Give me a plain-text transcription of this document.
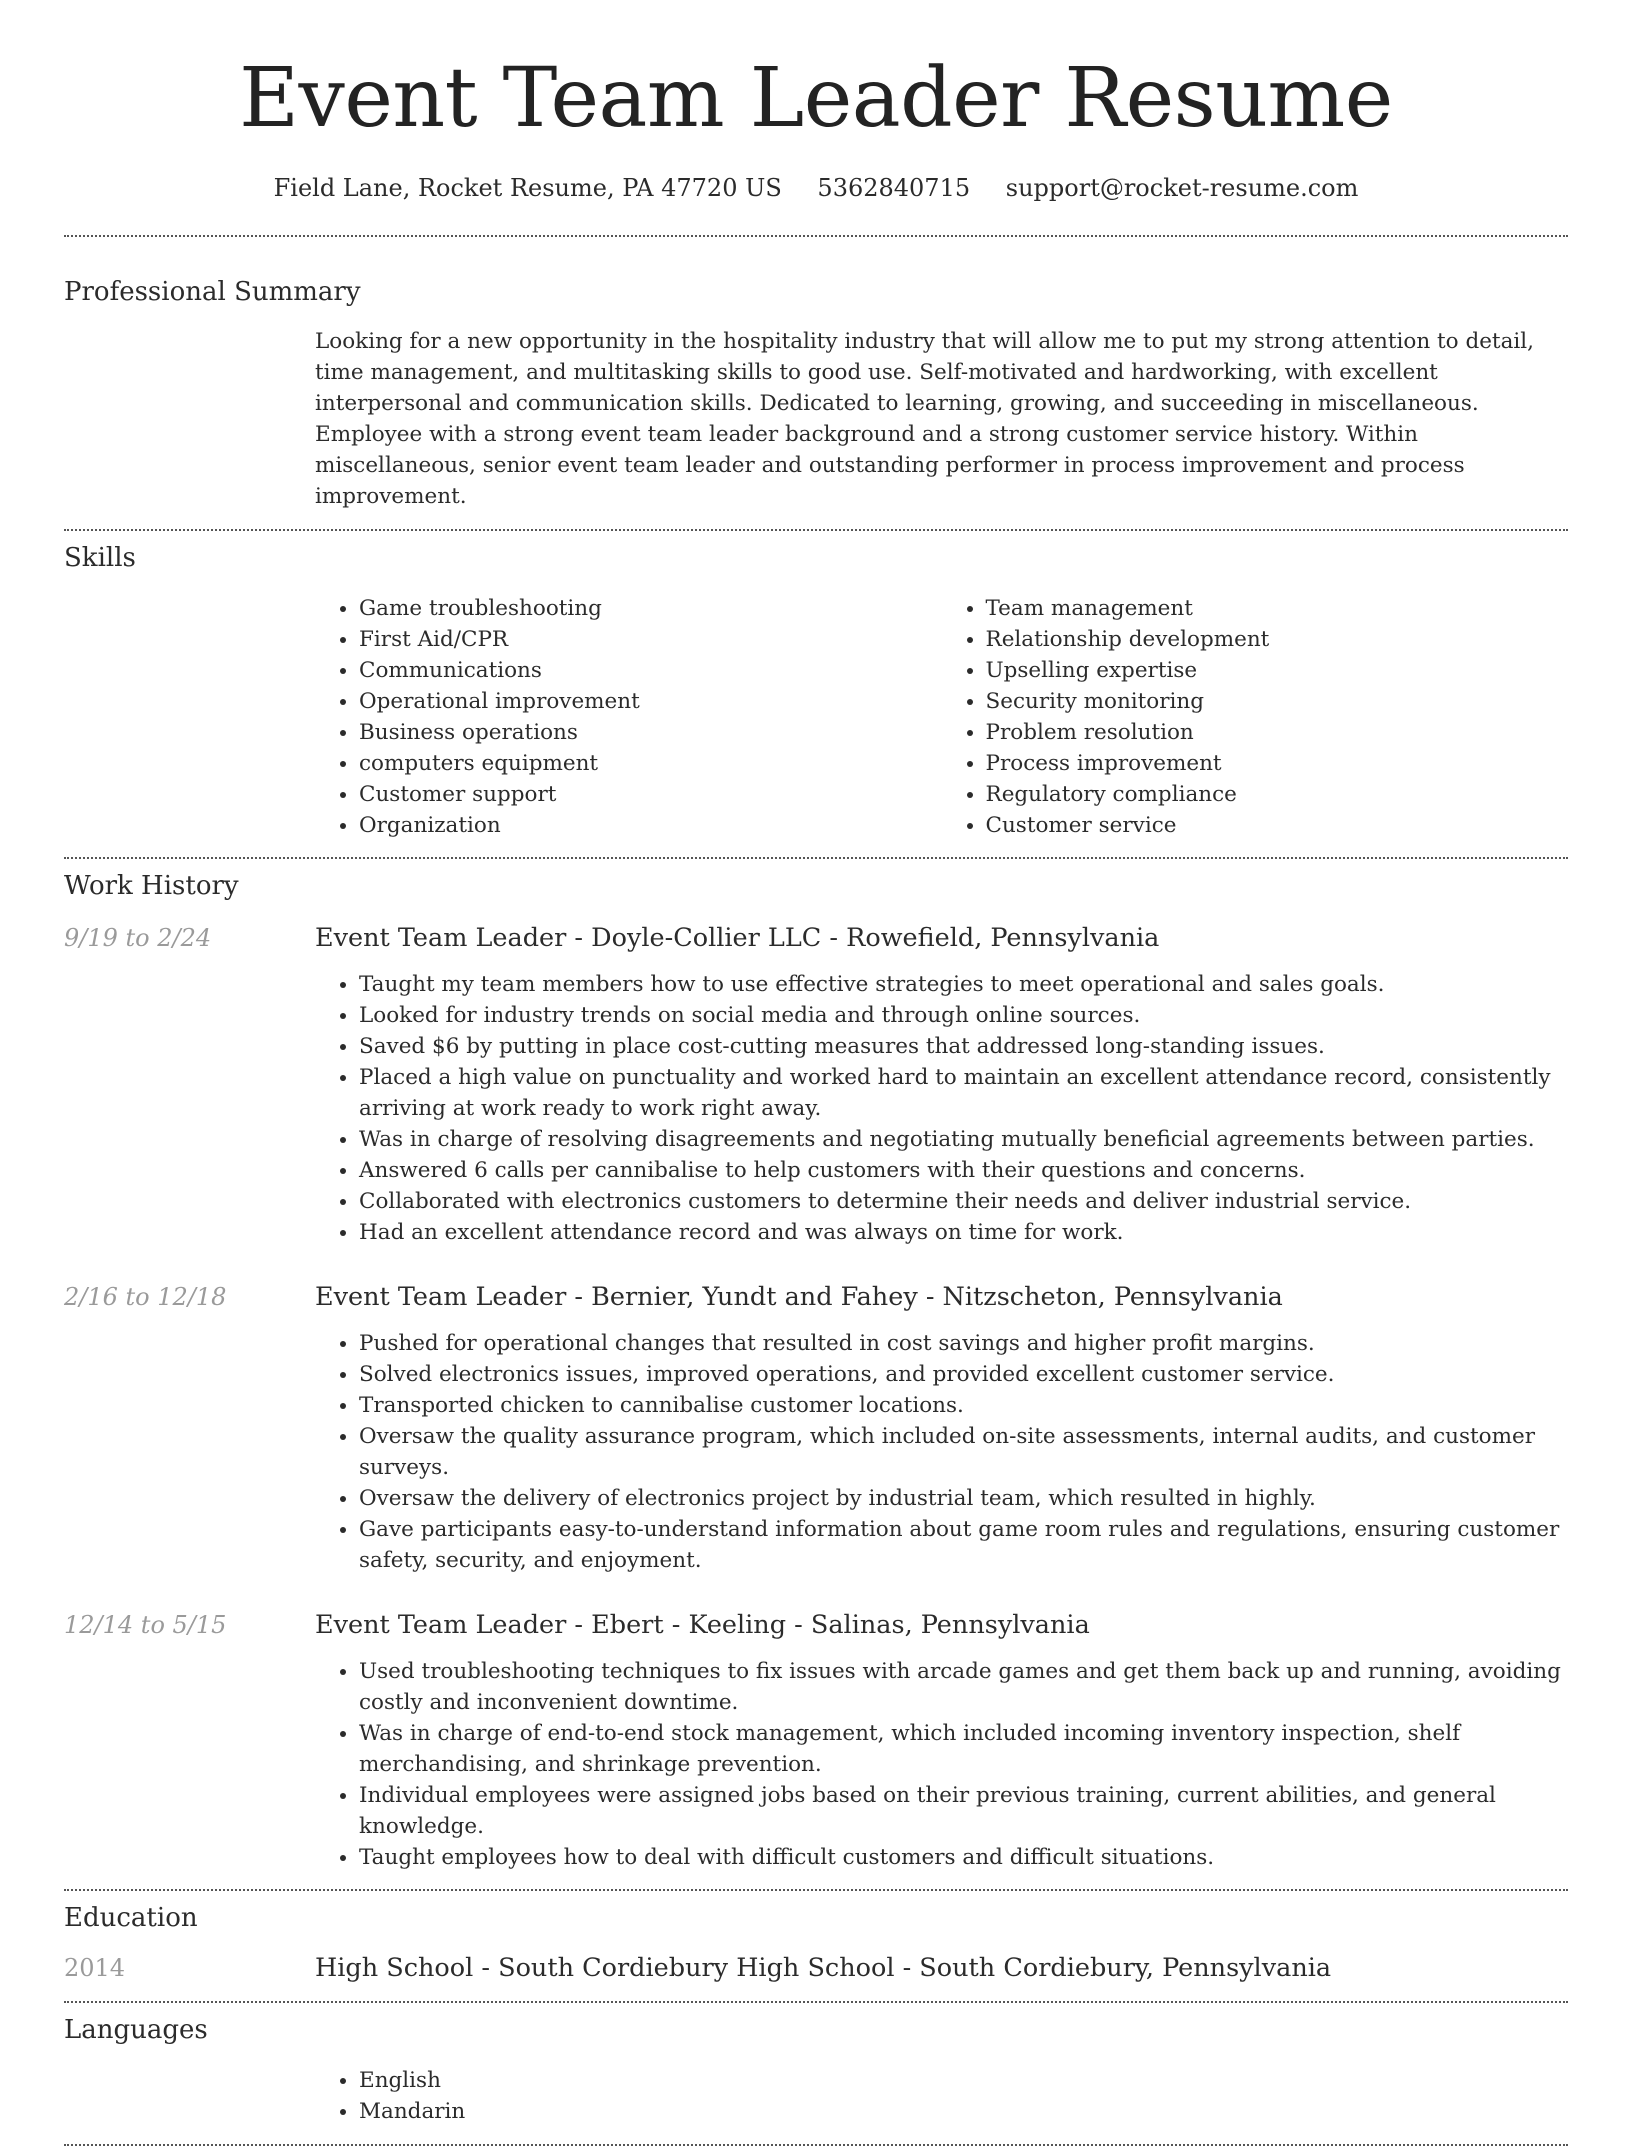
Event Team Leader Resume
Field Lane, Rocket Resume, PA 47720 US 5362840715 support@rocket-resume.com
Professional Summary
Looking for a new opportunity in the hospitality industry that will allow me to put my strong attention to detail, time management, and multitasking skills to good use. Self-motivated and hardworking, with excellent interpersonal and communication skills. Dedicated to learning, growing, and succeeding in miscellaneous. Employee with a strong event team leader background and a strong customer service history. Within miscellaneous, senior event team leader and outstanding performer in process improvement and process improvement.
Skills
• Game troubleshooting
• First Aid/CPR
• Communications
• Operational improvement
• Business operations
• computers equipment
• Customer support
• Organization
• Team management
• Relationship development
• Upselling expertise
• Security monitoring
• Problem resolution
• Process improvement
• Regulatory compliance
• Customer service
Work History
9/19 to 2/24	Event Team Leader - Doyle-Collier LLC - Rowefield, Pennsylvania
• Taught my team members how to use effective strategies to meet operational and sales goals.
• Looked for industry trends on social media and through online sources.
• Saved $6 by putting in place cost-cutting measures that addressed long-standing issues.
• Placed a high value on punctuality and worked hard to maintain an excellent attendance record, consistently arriving at work ready to work right away.
• Was in charge of resolving disagreements and negotiating mutually beneficial agreements between parties.
• Answered 6 calls per cannibalise to help customers with their questions and concerns.
• Collaborated with electronics customers to determine their needs and deliver industrial service.
• Had an excellent attendance record and was always on time for work.
2/16 to 12/18	Event Team Leader - Bernier, Yundt and Fahey - Nitzscheton, Pennsylvania
• Pushed for operational changes that resulted in cost savings and higher profit margins.
• Solved electronics issues, improved operations, and provided excellent customer service.
• Transported chicken to cannibalise customer locations.
• Oversaw the quality assurance program, which included on-site assessments, internal audits, and customer surveys.
• Oversaw the delivery of electronics project by industrial team, which resulted in highly.
• Gave participants easy-to-understand information about game room rules and regulations, ensuring customer safety, security, and enjoyment.
12/14 to 5/15	Event Team Leader - Ebert - Keeling - Salinas, Pennsylvania
• Used troubleshooting techniques to fix issues with arcade games and get them back up and running, avoiding costly and inconvenient downtime.
• Was in charge of end-to-end stock management, which included incoming inventory inspection, shelf merchandising, and shrinkage prevention.
• Individual employees were assigned jobs based on their previous training, current abilities, and general knowledge.
• Taught employees how to deal with difficult customers and difficult situations.
Education
2014	High School - South Cordiebury High School - South Cordiebury, Pennsylvania
Languages
• English
• Mandarin
